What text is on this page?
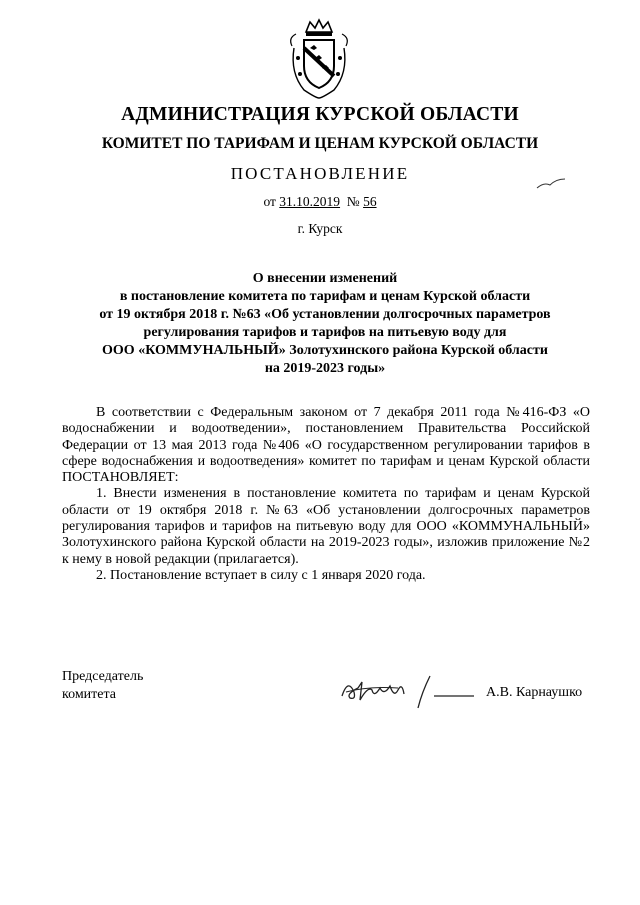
АДМИНИСТРАЦИЯ КУРСКОЙ ОБЛАСТИ
КОМИТЕТ ПО ТАРИФАМ И ЦЕНАМ КУРСКОЙ ОБЛАСТИ
ПОСТАНОВЛЕНИЕ
от 31.10.2019 № 56
г. Курск
О внесении изменений
в постановление комитета по тарифам и ценам Курской области
от 19 октября 2018 г. №63 «Об установлении долгосрочных параметров
регулирования тарифов и тарифов на питьевую воду для
ООО «КОММУНАЛЬНЫЙ» Золотухинского района Курской области
на 2019-2023 годы»

В соответствии с Федеральным законом от 7 декабря 2011 года №416-ФЗ «О водоснабжении и водоотведении», постановлением Правительства Российской Федерации от 13 мая 2013 года №406 «О государственном регулировании тарифов в сфере водоснабжения и водоотведения» комитет по тарифам и ценам Курской области ПОСТАНОВЛЯЕТ:

1. Внести изменения в постановление комитета по тарифам и ценам Курской области от 19 октября 2018 г. №63 «Об установлении долгосрочных параметров регулирования тарифов и тарифов на питьевую воду для ООО «КОММУНАЛЬНЫЙ» Золотухинского района Курской области на 2019-2023 годы», изложив приложение №2 к нему в новой редакции (прилагается).

2. Постановление вступает в силу с 1 января 2020 года.

Председатель
комитета	А.В. Карнаушко
